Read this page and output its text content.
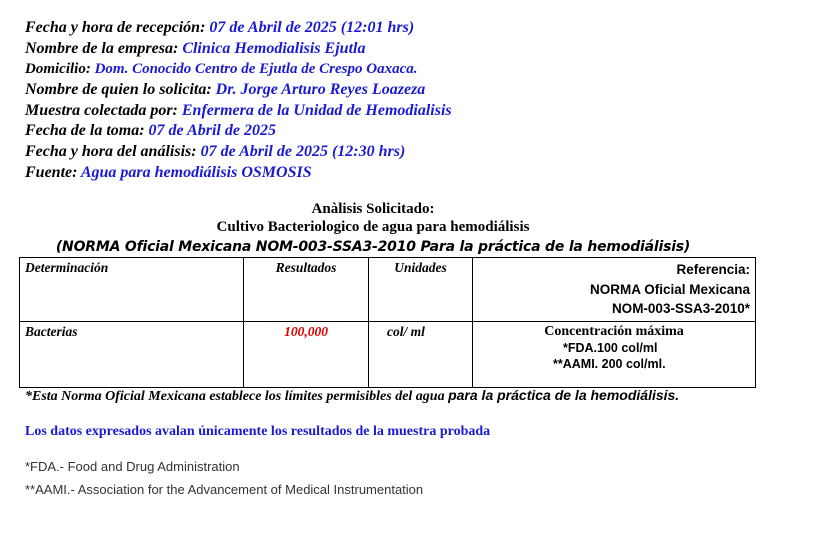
Fecha y hora de recepción: 07 de Abril de 2025 (12:01 hrs)
Nombre de la empresa: Clinica Hemodialisis Ejutla
Domicilio: Dom. Conocido Centro de Ejutla de Crespo Oaxaca.
Nombre de quien lo solicita: Dr. Jorge Arturo Reyes Loazeza
Muestra colectada por: Enfermera de la Unidad de Hemodialisis
Fecha de la toma: 07 de Abril de 2025
Fecha y hora del análisis: 07 de Abril de 2025 (12:30 hrs)
Fuente: Agua para hemodiálisis OSMOSIS
Anàlisis Solicitado:
Cultivo Bacteriologico de agua para hemodiálisis
(NORMA Oficial Mexicana NOM-003-SSA3-2010 Para la práctica de la hemodiálisis)
Determinación	Resultados	Unidades	Referencia:
NORMA Oficial Mexicana
NOM-003-SSA3-2010*

Bacterias	100,000	col/ ml	Concentración máxima
*FDA.100 col/ml
**AAMI. 200 col/ml.
*Esta Norma Oficial Mexicana establece los límites permisibles del agua para la práctica de la hemodiálisis.
Los datos expresados avalan únicamente los resultados de la muestra probada
*FDA.- Food and Drug Administration
**AAMI.- Association for the Advancement of Medical Instrumentation
